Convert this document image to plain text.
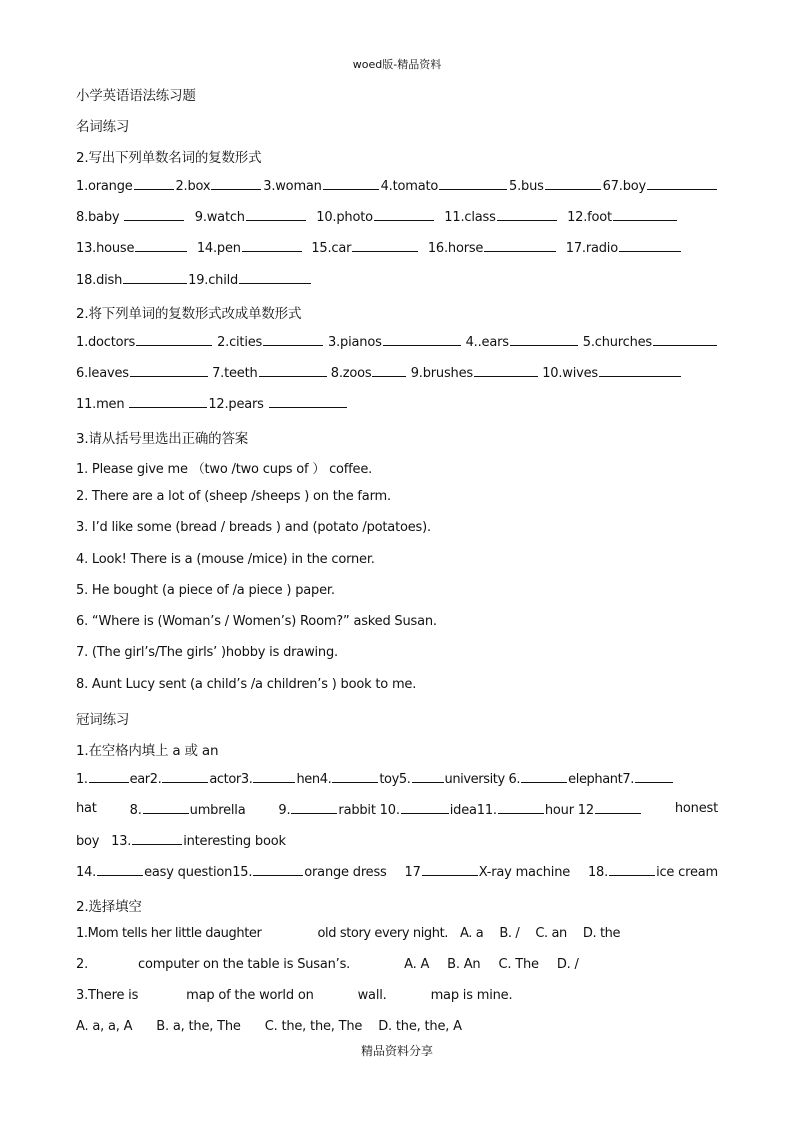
woed版-精品资料
小学英语语法练习题
名词练习
2.写出下列单数名词的复数形式
1.orange	2.box	3.woman	4.tomato	5.bus	67.boy
8.baby	9.watch	10.photo	11.class	12.foot
13.house	14.pen	15.car	16.horse	17.radio
18.dish	19.child
2.将下列单词的复数形式改成单数形式
1.doctors	2.cities	3.pianos	4..ears	5.churches
6.leaves	7.teeth	8.zoos	9.brushes	10.wives
11.men	12.pears
3.请从括号里选出正确的答案
1. Please give me （two /two cups of ） coffee.
2. There are a lot of (sheep /sheeps ) on the farm.
3. I’d like some (bread / breads ) and (potato /potatoes).
4. Look! There is a (mouse /mice) in the corner.
5. He bought (a piece of /a piece ) paper.
6. “Where is (Woman’s / Women’s) Room?” asked Susan.
7. (The girl’s/The girls’ )hobby is drawing.
8. Aunt Lucy sent (a child’s /a children’s ) book to me.
冠词练习
1.在空格内填上 a 或 an
1.	ear2.	actor3.	hen4.	toy5.	university 6.	elephant7.
hat	8.	umbrella	9.	rabbit 10.	idea11.	hour 12	honest
boy 13.	interesting book
14.	easy question15.	orange dress 17	X-ray machine 18.	ice cream
2.选择填空
1.Mom tells her little daughter	old story every night. A. a B. / C. an D. the
2.	computer on the table is Susan’s.	A. A B. An C. The D. /
3.There is	map of the world on	wall.	map is mine.
A. a, a, A B. a, the, The C. the, the, The D. the, the, A
精品资料分享
